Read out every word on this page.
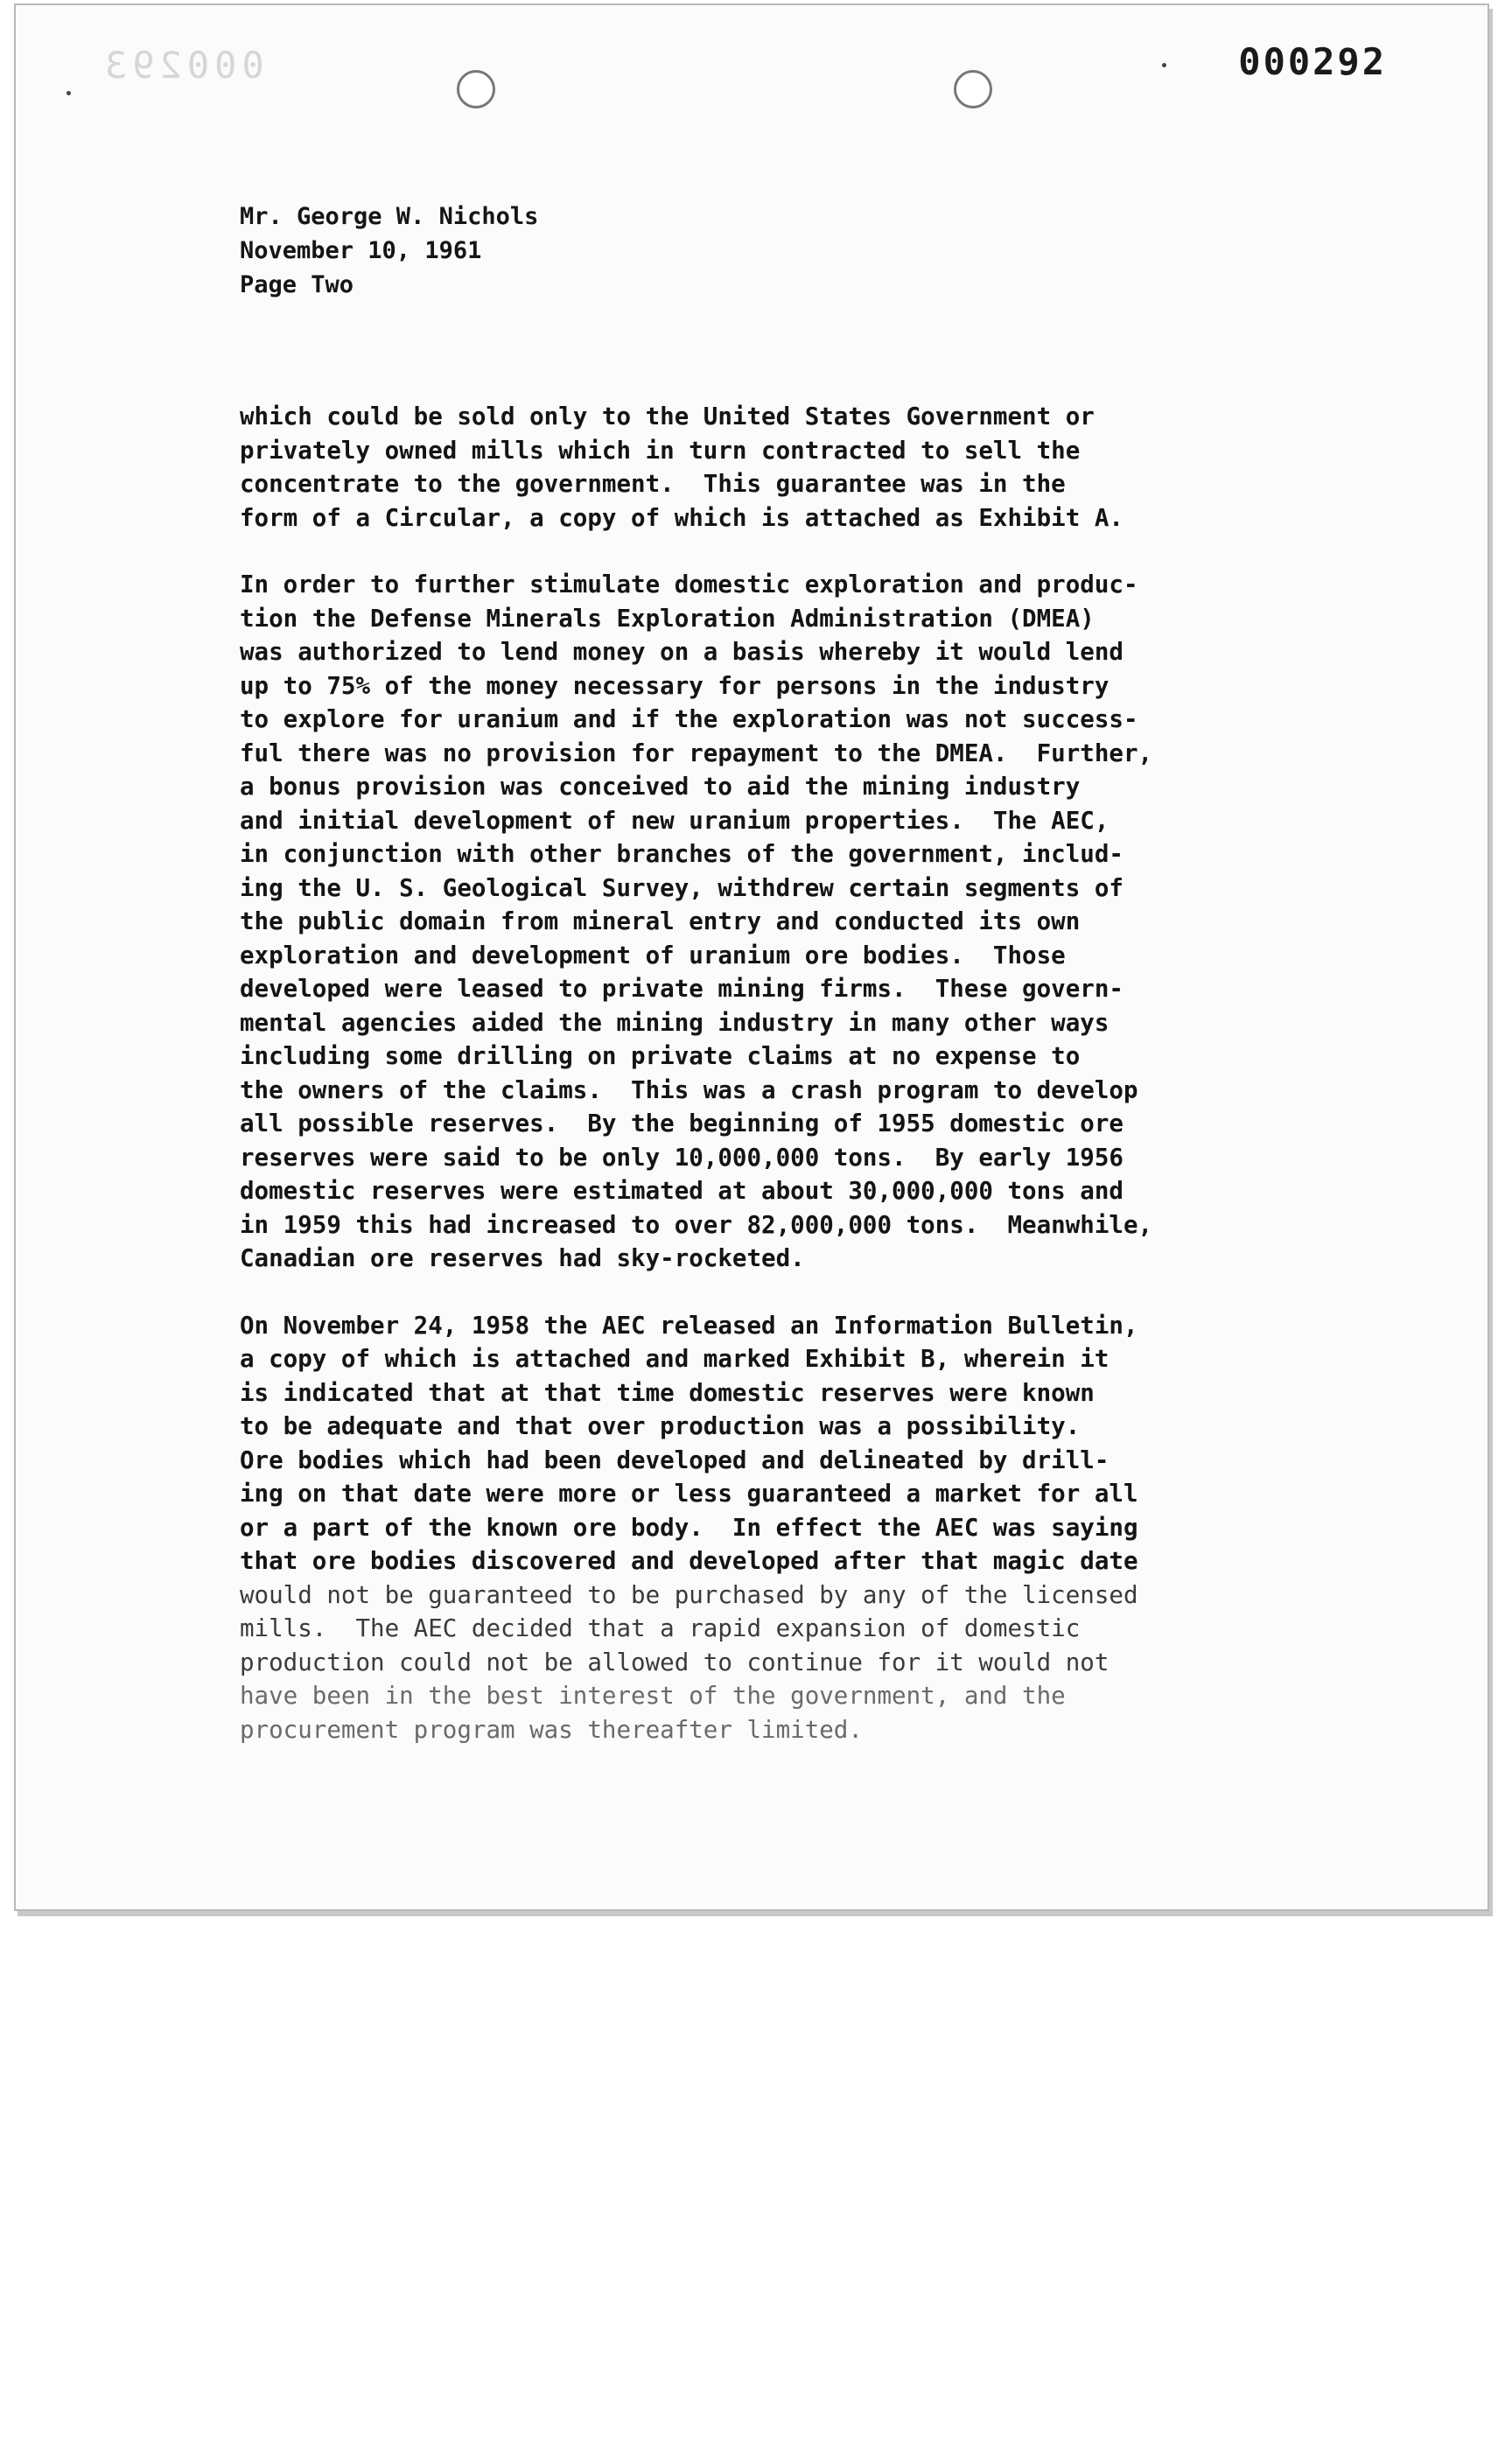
000293	000292
Mr. George W. Nichols
November 10, 1961
Page Two
which could be sold only to the United States Government or
privately owned mills which in turn contracted to sell the
concentrate to the government.  This guarantee was in the
form of a Circular, a copy of which is attached as Exhibit A.
In order to further stimulate domestic exploration and produc-
tion the Defense Minerals Exploration Administration (DMEA)
was authorized to lend money on a basis whereby it would lend
up to 75% of the money necessary for persons in the industry
to explore for uranium and if the exploration was not success-
ful there was no provision for repayment to the DMEA.  Further,
a bonus provision was conceived to aid the mining industry
and initial development of new uranium properties.  The AEC,
in conjunction with other branches of the government, includ-
ing the U. S. Geological Survey, withdrew certain segments of
the public domain from mineral entry and conducted its own
exploration and development of uranium ore bodies.  Those
developed were leased to private mining firms.  These govern-
mental agencies aided the mining industry in many other ways
including some drilling on private claims at no expense to
the owners of the claims.  This was a crash program to develop
all possible reserves.  By the beginning of 1955 domestic ore
reserves were said to be only 10,000,000 tons.  By early 1956
domestic reserves were estimated at about 30,000,000 tons and
in 1959 this had increased to over 82,000,000 tons.  Meanwhile,
Canadian ore reserves had sky-rocketed.
On November 24, 1958 the AEC released an Information Bulletin,
a copy of which is attached and marked Exhibit B, wherein it
is indicated that at that time domestic reserves were known
to be adequate and that over production was a possibility.
Ore bodies which had been developed and delineated by drill-
ing on that date were more or less guaranteed a market for all
or a part of the known ore body.  In effect the AEC was saying
that ore bodies discovered and developed after that magic date
would not be guaranteed to be purchased by any of the licensed
mills.  The AEC decided that a rapid expansion of domestic
production could not be allowed to continue for it would not
have been in the best interest of the government, and the
procurement program was thereafter limited.
